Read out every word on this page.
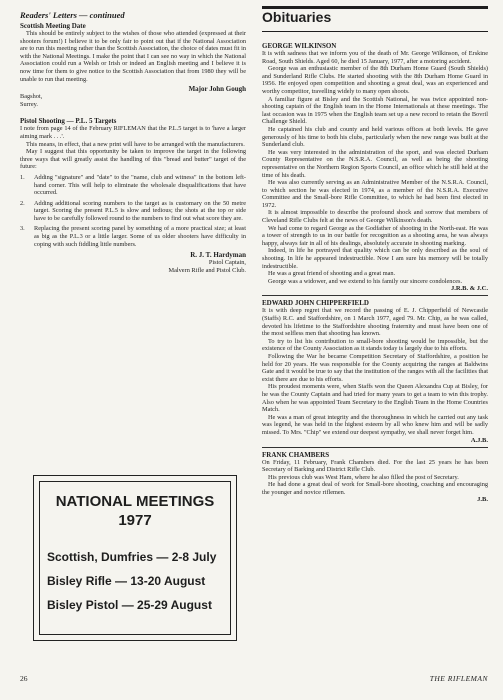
Readers' Letters — continued
Scottish Meeting Date

This should be entirely subject to the wishes of those who attended (expressed at their shooters forum!) I believe it to be only fair to point out that if the National Association are to run this meeting rather than the Scottish Association, the choice of dates must fit in with the National Meetings. I make the point that I can see no way in which the National Association could run a Welsh or Irish or indeed an English meeting and I believe it is now time for them to give notice to the Scottish Association that from 1980 they will be unable to run that meeting.

Major John Gough
Bagshot,
Surrey.
Pistol Shooting — P.L. 5 Targets

I note from page 14 of the February RIFLEMAN that the P.L.5 target is to 'have a larger aiming mark . . .'.

This means, in effect, that a new print will have to be arranged with the manufacturers.

May I suggest that this opportunity be taken to improve the target in the following three ways that will greatly assist the handling of this "bread and butter" target of the future:

1.	Adding "signature" and "date" to the "name, club and witness" in the bottom left-hand corner. This will help to eliminate the wholesale disqualifications that have occurred.
2.	Adding additional scoring numbers to the target as is customary on the 50 metre target. Scoring the present P.L.5 is slow and tedious; the shots at the top or side have to be carefully followed round to the numbers to find out what score they are.
3.	Replacing the present scoring panel by something of a more practical size; at least as big as the P.L.3 or a little larger. Some of us older shooters have difficulty in coping with such fiddling little numbers.
R. J. T. Hardyman
Pistol Captain,
Malvern Rifle and Pistol Club.
NATIONAL MEETINGS
1977
Scottish, Dumfries — 2-8 July
Bisley Rifle — 13-20 August
Bisley Pistol — 25-29 August
Obituaries
GEORGE WILKINSON

It is with sadness that we inform you of the death of Mr. George Wilkinson, of Erskine Road, South Shields. Aged 60, he died 15 January, 1977, after a motoring accident.

George was an enthusiastic member of the 8th Durham Home Guard (South Shields) and Sunderland Rifle Clubs. He started shooting with the 8th Durham Home Guard in 1956. He enjoyed open competition and shooting a great deal, was an experienced and worthy competitor, travelling widely to many open shoots.

A familiar figure at Bisley and the Scottish National, he was twice appointed non-shooting captain of the English team in the Home Internationals at these meetings. The last occasion was in 1975 when the English team set up a new record to retain the Bovril Challenge Shield.

He captained his club and county and held various offices at both levels. He gave generously of his time to both his clubs, particularly when the new range was built at the Sunderland club.

He was very interested in the administration of the sport, and was elected Durham County Representative on the N.S.R.A. Council, as well as being the shooting representative on the Northern Region Sports Council, an office which he still held at the time of his death.

He was also currently serving as an Administrative Member of the N.S.R.A. Council, to which section he was elected in 1974, as a member of the N.S.R.A. Executive Committee and the Small-bore Rifle Committee, to which he had been first elected in 1972.

It is almost impossible to describe the profound shock and sorrow that members of Cleveland Rifle Clubs felt at the news of George Wilkinson's death.

We had come to regard George as the Godfather of shooting in the North-east. He was a tower of strength to us in our battle for recognition as a shooting area, he was always happy, always fair in all of his dealings, absolutely accurate in shooting marking.

Indeed, in life he portrayed that quality which can be only described as the soul of shooting. In life he appeared indestructible. Now I am sure his memory will be totally indestructible.

He was a great friend of shooting and a great man.

George was a widower, and we extend to his family our sincere condolences.

J.R.B. & J.C.
EDWARD JOHN CHIPPERFIELD

It is with deep regret that we record the passing of E. J. Chipperfield of Newcastle (Staffs) R.C. and Staffordshire, on 1 March 1977, aged 79. Mr. Chip, as he was called, devoted his lifetime to the Staffordshire shooting fraternity and must have been one of the most selfless men that shooting has known.

To try to list his contribution to small-bore shooting would be impossible, but the existence of the County Association as it stands today is largely due to his efforts.

Following the War he became Competition Secretary of Staffordshire, a position he held for 20 years. He was responsible for the County acquiring the ranges at Baldwins Gate and it would be true to say that the institution of the ranges with all the facilities that exist there are due to his efforts.

His proudest moments were, when Staffs won the Queen Alexandra Cup at Bisley, for he was the County Captain and had tried for many years to get a team to win this trophy. Also when he was appointed Team Secretary to the English Team in the Home Countries Match.

He was a man of great integrity and the thoroughness in which he carried out any task was legend, he was held in the highest esteem by all who knew him and will be sadly missed. To Mrs. "Chip" we extend our deepest sympathy, we shall never forget him.

A.J.B.
FRANK CHAMBERS

On Friday, 11 February, Frank Chambers died. For the last 25 years he has been Secretary of Barking and District Rifle Club.

His previous club was West Ham, where he also filled the post of Secretary.

He had done a great deal of work for Small-bore shooting, coaching and encouraging the younger and novice riflemen.

J.B.
26	THE RIFLEMAN
